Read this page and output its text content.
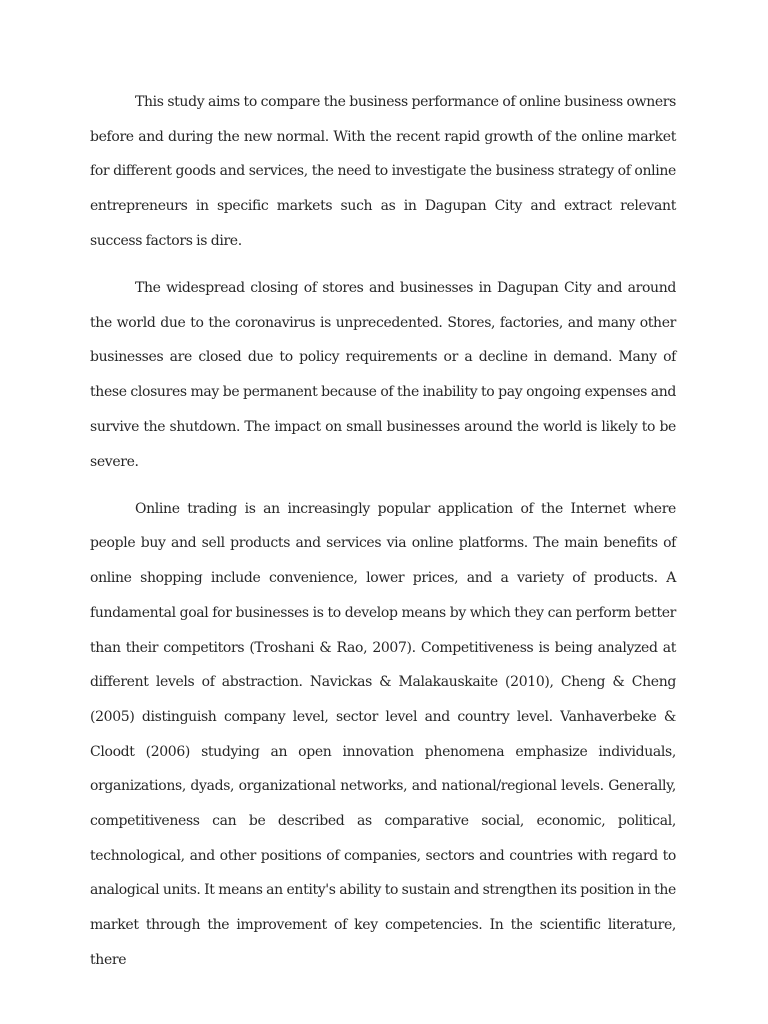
This study aims to compare the business performance of online business owners before and during the new normal. With the recent rapid growth of the online market for different goods and services, the need to investigate the business strategy of online entrepreneurs in specific markets such as in Dagupan City and extract relevant success factors is dire.

The widespread closing of stores and businesses in Dagupan City and around the world due to the coronavirus is unprecedented. Stores, factories, and many other businesses are closed due to policy requirements or a decline in demand. Many of these closures may be permanent because of the inability to pay ongoing expenses and survive the shutdown. The impact on small businesses around the world is likely to be severe.

Online trading is an increasingly popular application of the Internet where people buy and sell products and services via online platforms. The main benefits of online shopping include convenience, lower prices, and a variety of products. A fundamental goal for businesses is to develop means by which they can perform better than their competitors (Troshani & Rao, 2007). Competitiveness is being analyzed at different levels of abstraction. Navickas & Malakauskaite (2010), Cheng & Cheng (2005) distinguish company level, sector level and country level. Vanhaverbeke & Cloodt (2006) studying an open innovation phenomena emphasize individuals, organizations, dyads, organizational networks, and national/regional levels. Generally, competitiveness can be described as comparative social, economic, political, technological, and other positions of companies, sectors and countries with regard to analogical units. It means an entity's ability to sustain and strengthen its position in the market through the improvement of key competencies. In the scientific literature, there
